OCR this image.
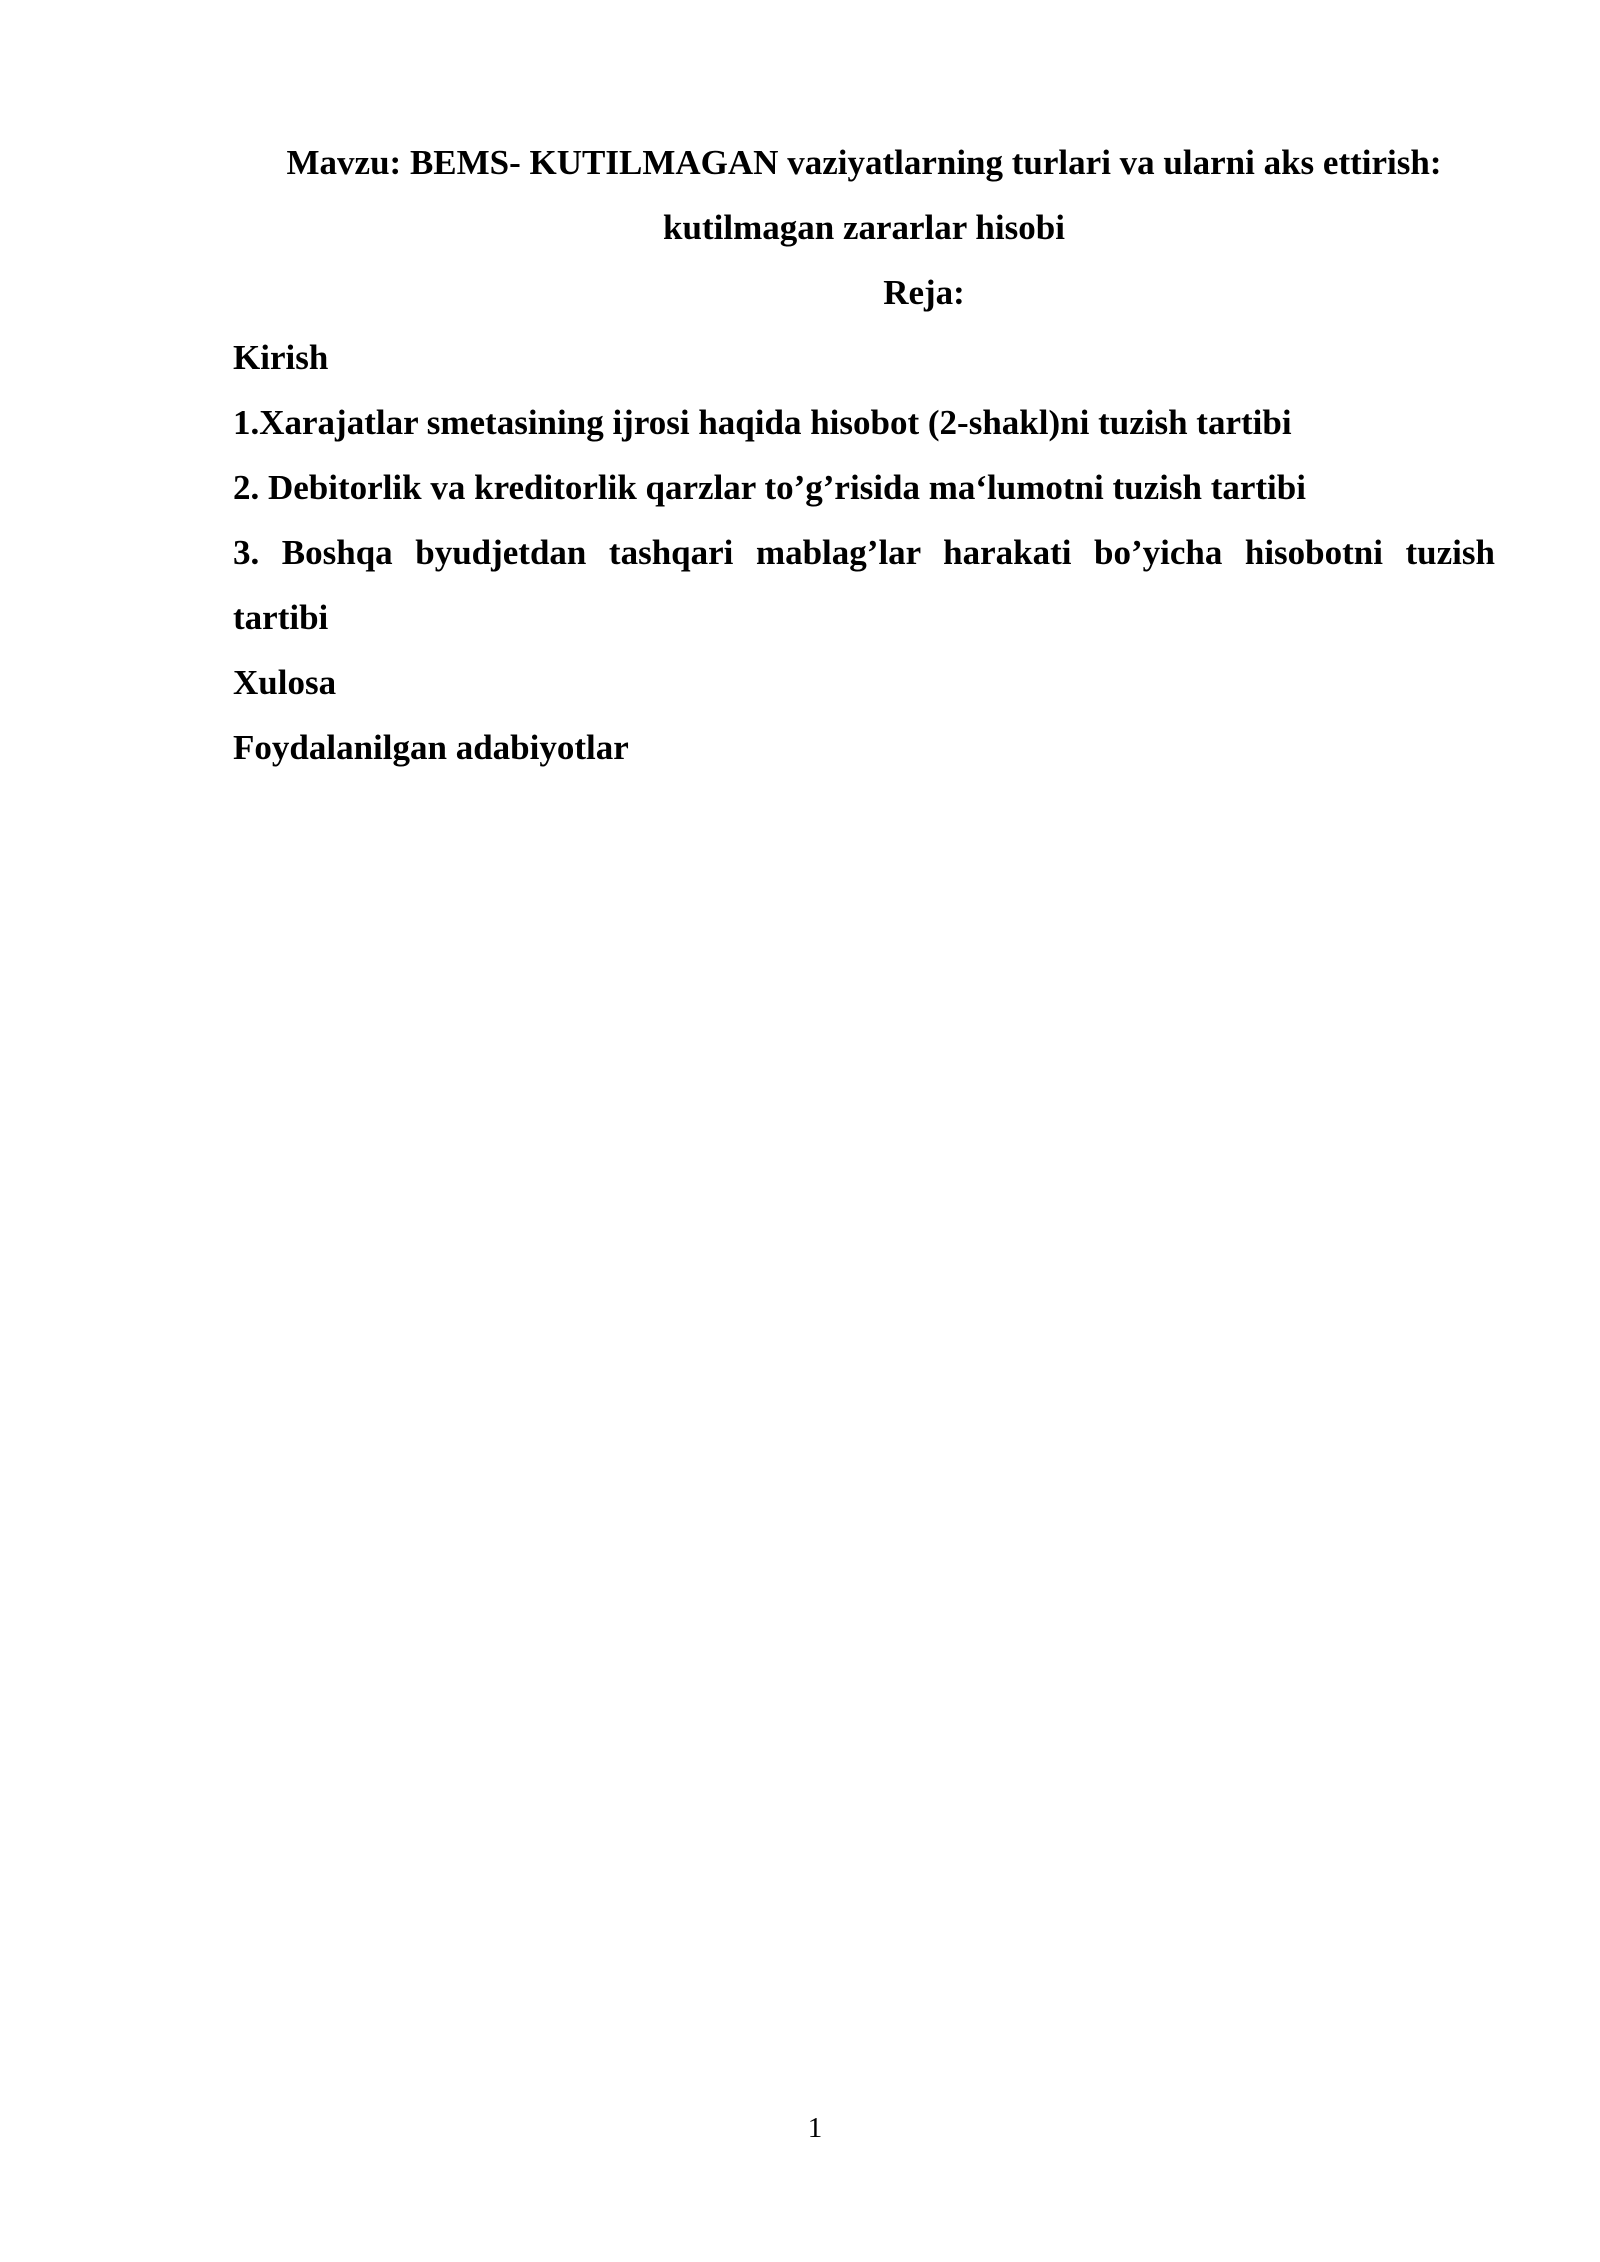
Mavzu: BEMS- KUTILMAGAN vaziyatlarning turlari va ularni aks ettirish:

kutilmagan zararlar hisobi

Reja:

Kirish

1.Xarajatlar smetasining ijrosi haqida hisobot (2-shakl)ni tuzish tartibi

2. Debitorlik va kreditorlik qarzlar to’g’risida ma‘lumotni tuzish tartibi

3. Boshqa byudjetdan tashqari mablag’lar harakati bo’yicha hisobotni tuzish

tartibi

Xulosa

Foydalanilgan adabiyotlar

1
